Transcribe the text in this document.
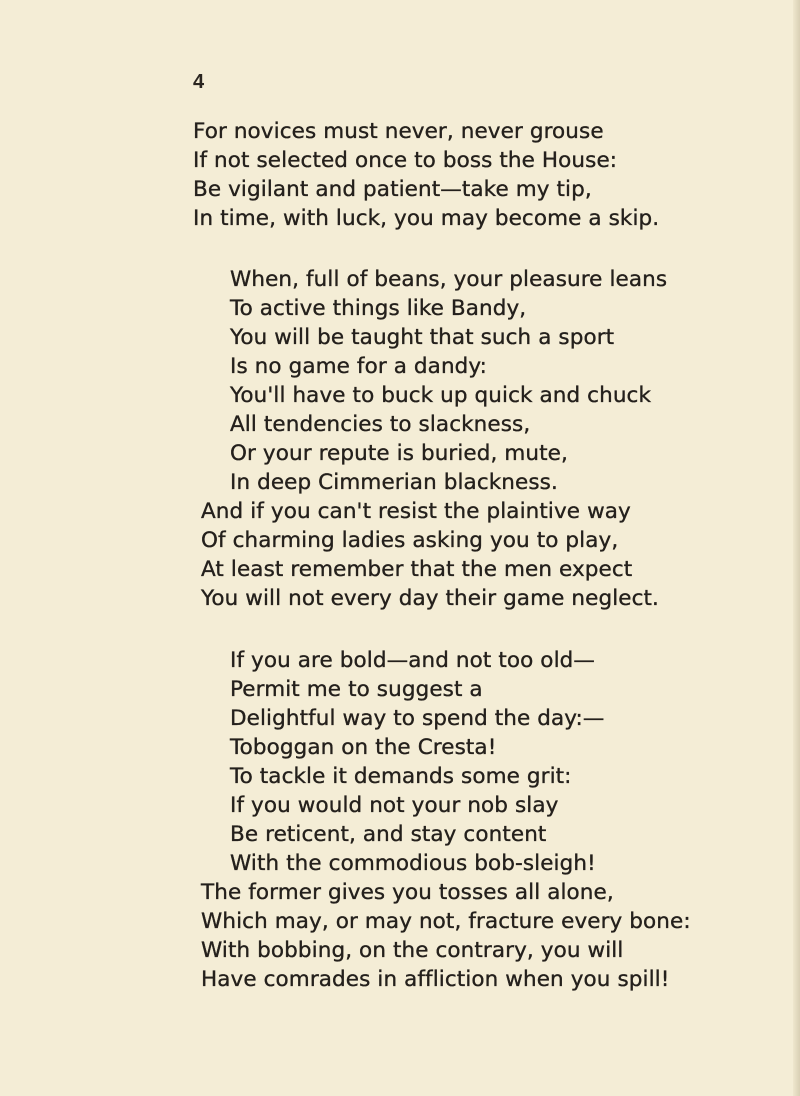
4
For novices must never, never grouse
If not selected once to boss the House:
Be vigilant and patient—take my tip,
In time, with luck, you may become a skip.
When, full of beans, your pleasure leans
To active things like Bandy,
You will be taught that such a sport
Is no game for a dandy:
You'll have to buck up quick and chuck
All tendencies to slackness,
Or your repute is buried, mute,
In deep Cimmerian blackness.
And if you can't resist the plaintive way
Of charming ladies asking you to play,
At least remember that the men expect
You will not every day their game neglect.
If you are bold—and not too old—
Permit me to suggest a
Delightful way to spend the day:—
Toboggan on the Cresta!
To tackle it demands some grit:
If you would not your nob slay
Be reticent, and stay content
With the commodious bob-sleigh!
The former gives you tosses all alone,
Which may, or may not, fracture every bone:
With bobbing, on the contrary, you will
Have comrades in affliction when you spill!
